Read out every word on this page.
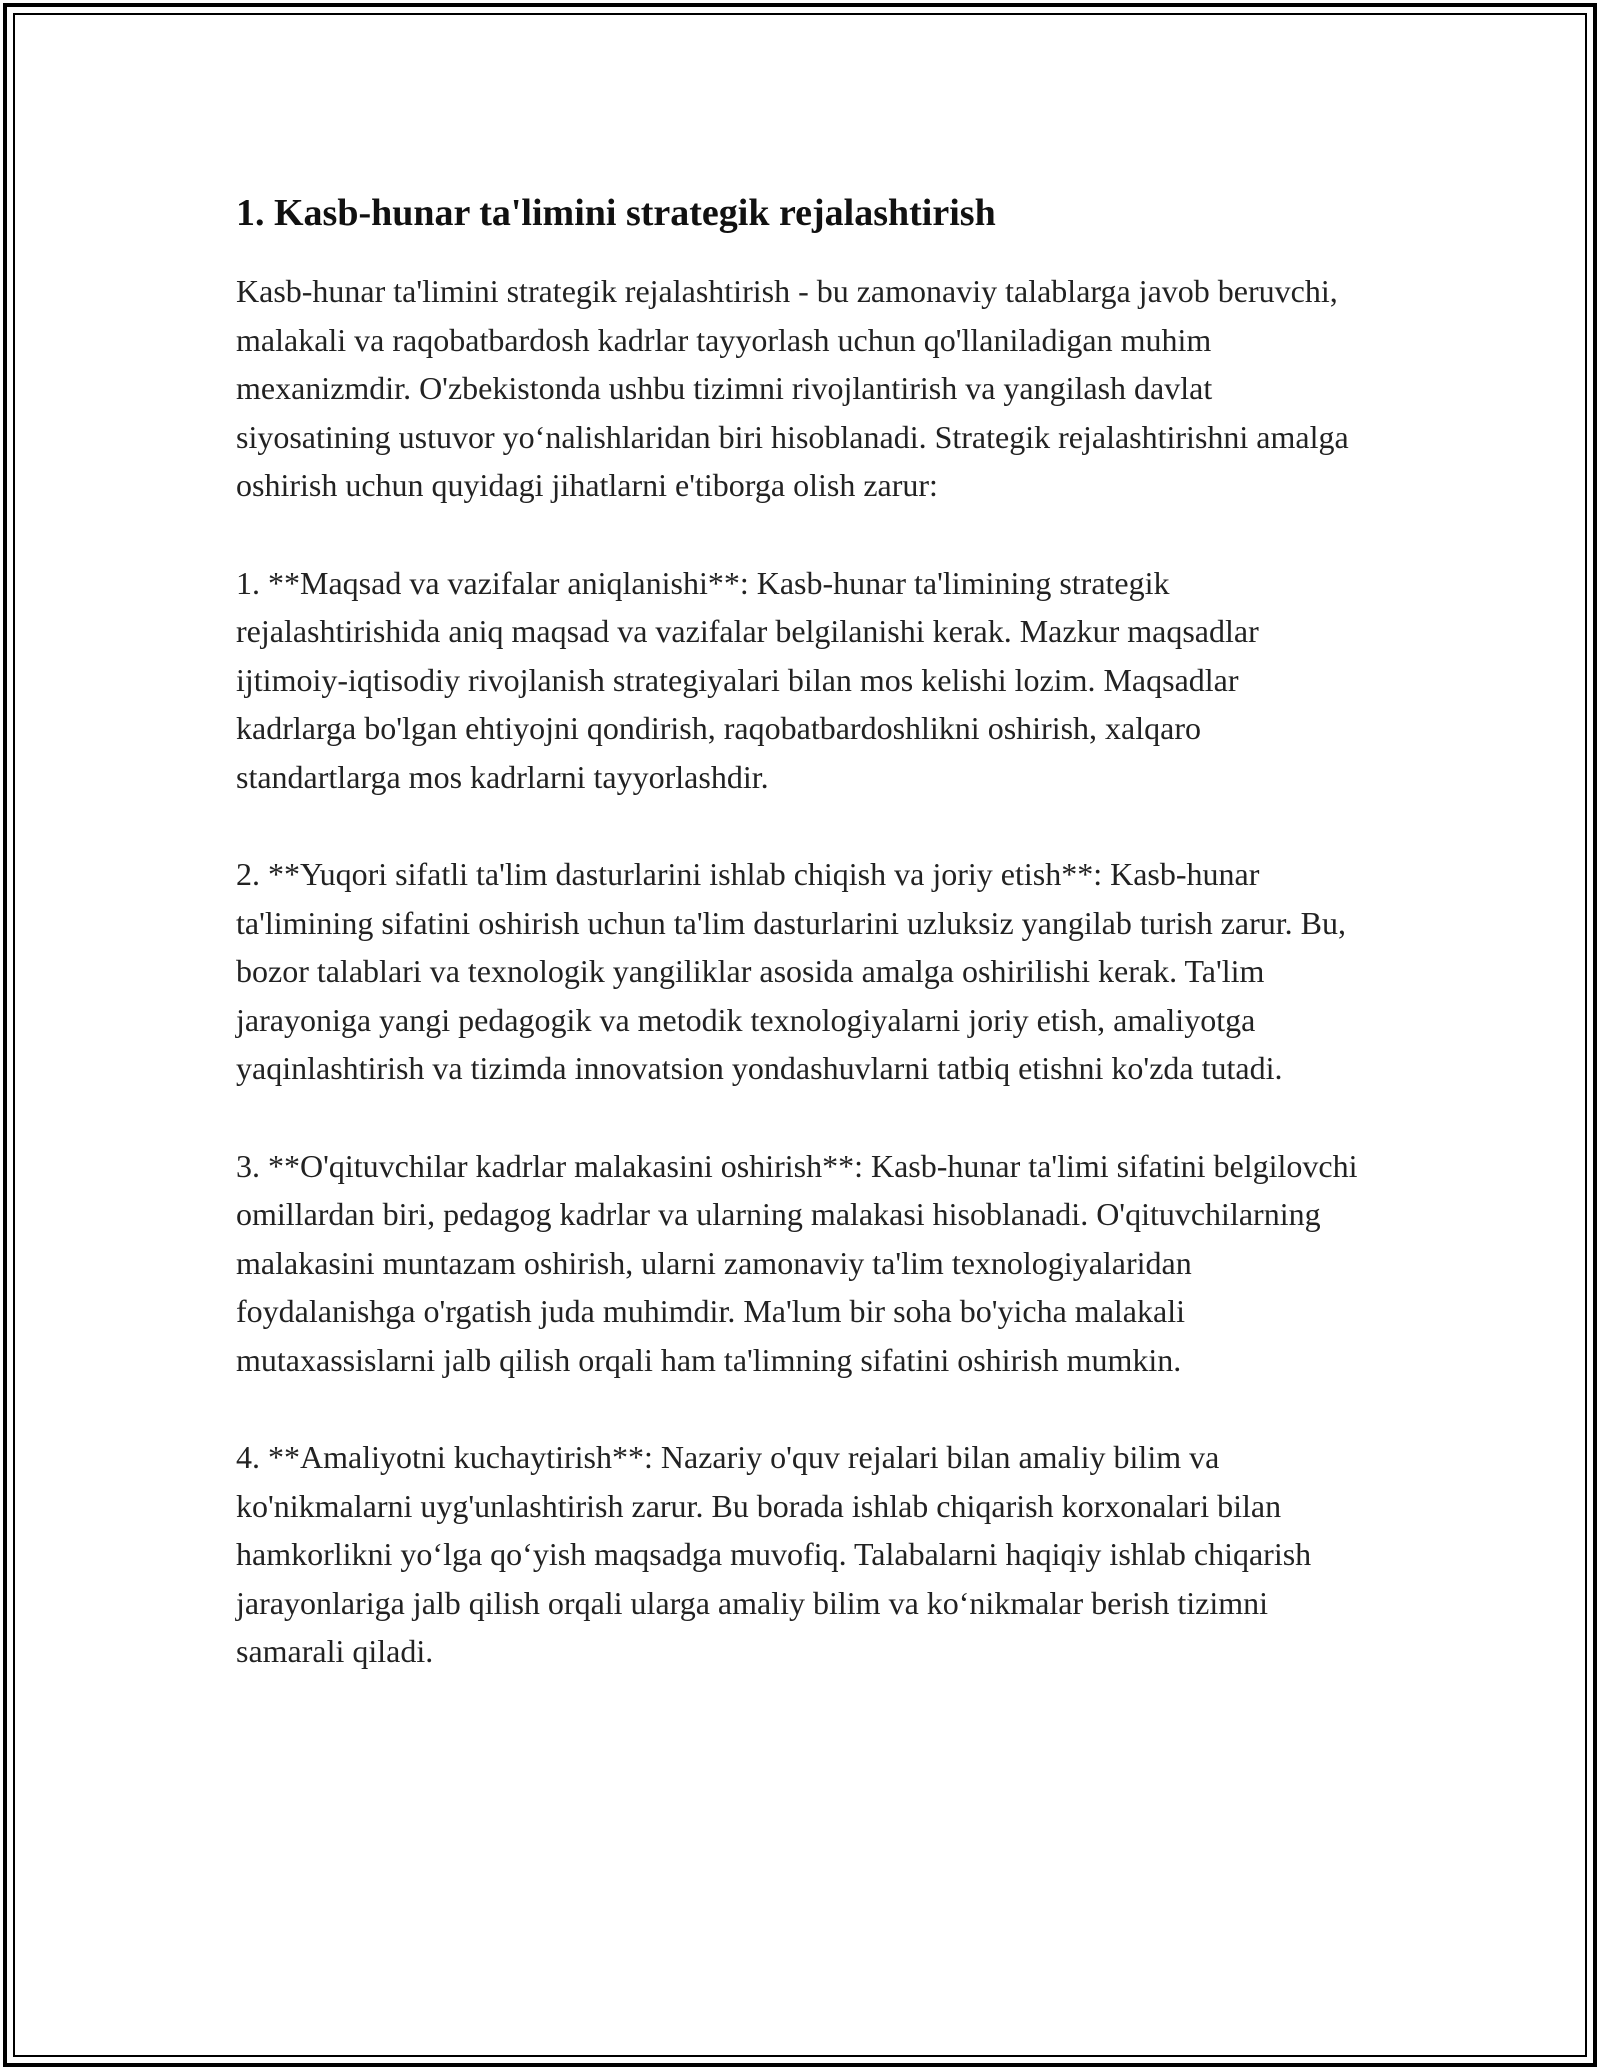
1. Kasb-hunar ta'limini strategik rejalashtirish

Kasb-hunar ta'limini strategik rejalashtirish - bu zamonaviy talablarga javob beruvchi, malakali va raqobatbardosh kadrlar tayyorlash uchun qo'llaniladigan muhim mexanizmdir. O'zbekistonda ushbu tizimni rivojlantirish va yangilash davlat siyosatining ustuvor yo‘nalishlaridan biri hisoblanadi. Strategik rejalashtirishni amalga oshirish uchun quyidagi jihatlarni e'tiborga olish zarur:

1. **Maqsad va vazifalar aniqlanishi**: Kasb-hunar ta'limining strategik rejalashtirishida aniq maqsad va vazifalar belgilanishi kerak. Mazkur maqsadlar ijtimoiy-iqtisodiy rivojlanish strategiyalari bilan mos kelishi lozim. Maqsadlar kadrlarga bo'lgan ehtiyojni qondirish, raqobatbardoshlikni oshirish, xalqaro standartlarga mos kadrlarni tayyorlashdir.

2. **Yuqori sifatli ta'lim dasturlarini ishlab chiqish va joriy etish**: Kasb-hunar ta'limining sifatini oshirish uchun ta'lim dasturlarini uzluksiz yangilab turish zarur. Bu, bozor talablari va texnologik yangiliklar asosida amalga oshirilishi kerak. Ta'lim jarayoniga yangi pedagogik va metodik texnologiyalarni joriy etish, amaliyotga yaqinlashtirish va tizimda innovatsion yondashuvlarni tatbiq etishni ko'zda tutadi.

3. **O'qituvchilar kadrlar malakasini oshirish**: Kasb-hunar ta'limi sifatini belgilovchi omillardan biri, pedagog kadrlar va ularning malakasi hisoblanadi. O'qituvchilarning malakasini muntazam oshirish, ularni zamonaviy ta'lim texnologiyalaridan foydalanishga o'rgatish juda muhimdir. Ma'lum bir soha bo'yicha malakali mutaxassislarni jalb qilish orqali ham ta'limning sifatini oshirish mumkin.

4. **Amaliyotni kuchaytirish**: Nazariy o'quv rejalari bilan amaliy bilim va ko'nikmalarni uyg'unlashtirish zarur. Bu borada ishlab chiqarish korxonalari bilan hamkorlikni yo‘lga qo‘yish maqsadga muvofiq. Talabalarni haqiqiy ishlab chiqarish jarayonlariga jalb qilish orqali ularga amaliy bilim va ko‘nikmalar berish tizimni samarali qiladi.
